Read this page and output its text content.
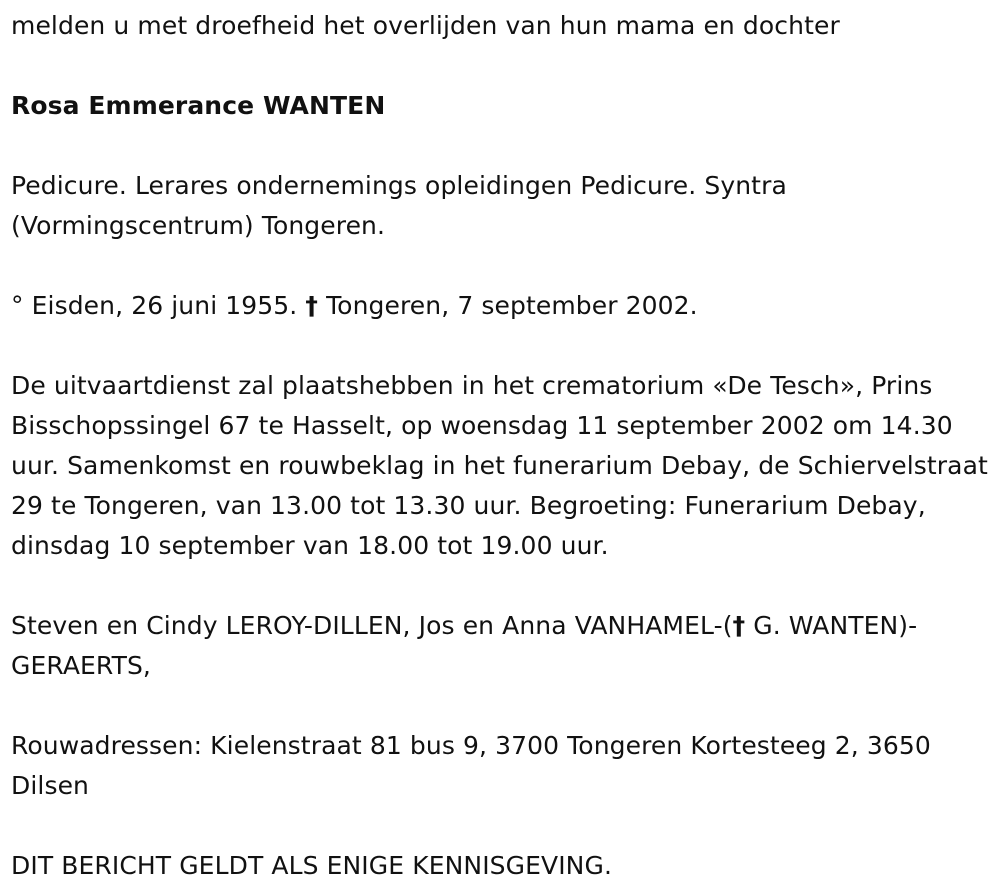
melden u met droefheid het overlijden van hun mama en dochter

Rosa Emmerance WANTEN

Pedicure. Lerares ondernemings opleidingen Pedicure. Syntra (Vormingscentrum) Tongeren.

° Eisden, 26 juni 1955. † Tongeren, 7 september 2002.

De uitvaartdienst zal plaatshebben in het crematorium «De Tesch», Prins Bisschopssingel 67 te Hasselt, op woensdag 11 september 2002 om 14.30 uur. Samenkomst en rouwbeklag in het funerarium Debay, de Schiervelstraat 29 te Tongeren, van 13.00 tot 13.30 uur. Begroeting: Funerarium Debay, dinsdag 10 september van 18.00 tot 19.00 uur.

Steven en Cindy LEROY-DILLEN, Jos en Anna VANHAMEL-(† G. WANTEN)-GERAERTS,

Rouwadressen: Kielenstraat 81 bus 9, 3700 Tongeren Kortesteeg 2, 3650 Dilsen

DIT BERICHT GELDT ALS ENIGE KENNISGEVING.
